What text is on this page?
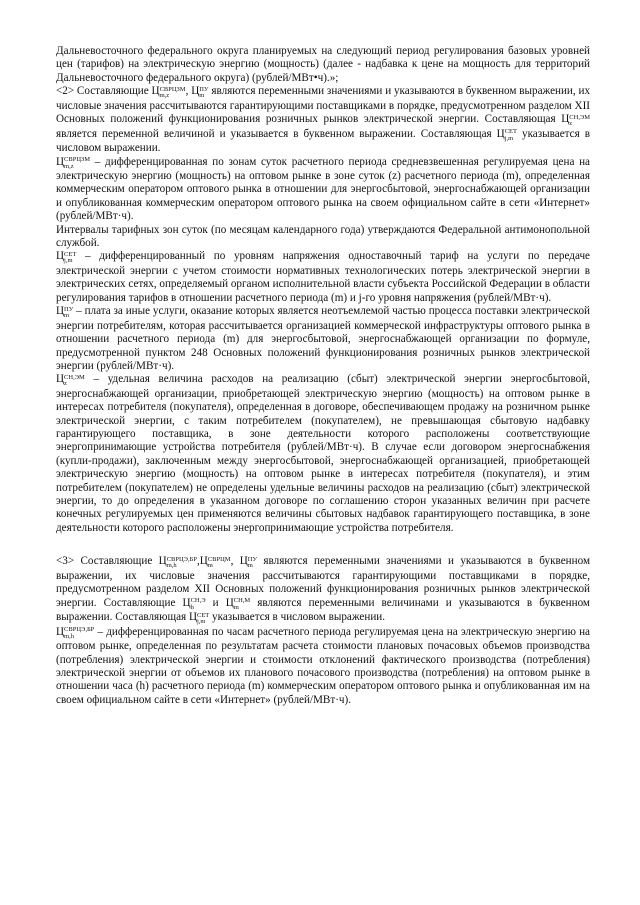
Дальневосточного федерального округа планируемых на следующий период регулирования базовых уровней цен (тарифов) на электрическую энергию (мощность) (далее - надбавка к цене на мощность для территорий Дальневосточного федерального округа) (рублей/МВт•ч).»;

<2> Составляющие Ц СВРЦЗМ
m,z	, Ц ПУ
m являются переменными значениями и указываются в буквенном выражении, их числовые значения рассчитываются гарантирующими поставщиками в порядке, предусмотренном разделом XII Основных положений функционирования розничных рынков электрической энергии. Составляющая Ц СН,ЭМ
z
является переменной величиной и указывается в буквенном выражении. Составляющая Ц СЕТ
j,m указывается в числовом выражении.

Ц СВРЦЗМ
m,z	– дифференцированная по зонам суток расчетного периода средневзвешенная регулируемая цена на электрическую энергию (мощность) на оптовом рынке в зоне суток (z) расчетного периода (m), определенная коммерческим оператором оптового рынка в отношении для энергосбытовой, энергоснабжающей организации и опубликованная коммерческим оператором оптового рынка на своем официальном сайте в сети «Интернет» (рублей/МВт·ч).

Интервалы тарифных зон суток (по месяцам календарного года) утверждаются Федеральной антимонопольной службой.

Ц СЕТ
j,m – дифференцированный по уровням напряжения одноставочный тариф на услуги по передаче электрической энергии с учетом стоимости нормативных технологических потерь электрической энергии в электрических сетях, определяемый органом исполнительной власти субъекта Российской Федерации в области регулирования тарифов в отношении расчетного периода (m) и j-го уровня напряжения (рублей/МВт·ч).

Ц ПУ
m – плата за иные услуги, оказание которых является неотъемлемой частью процесса поставки электрической энергии потребителям, которая рассчитывается организацией коммерческой инфраструктуры оптового рынка в отношении расчетного периода (m) для энергосбытовой, энергоснабжающей организации по формуле, предусмотренной пунктом 248 Основных положений функционирования розничных рынков электрической энергии (рублей/МВт·ч).

Ц СН,ЭМ
z	– удельная величина расходов на реализацию (сбыт) электрической энергии энергосбытовой, энергоснабжающей организации, приобретающей электрическую энергию (мощность) на оптовом рынке в интересах потребителя (покупателя), определенная в договоре, обеспечивающем продажу на розничном рынке электрической энергии, с таким потребителем (покупателем), не превышающая сбытовую надбавку гарантирующего поставщика, в зоне деятельности которого расположены соответствующие энергопринимающие устройства потребителя (рублей/МВт·ч). В случае если договором энергоснабжения (купли-продажи), заключенным между энергосбытовой, энергоснабжающей организацией, приобретающей электрическую энергию (мощность) на оптовом рынке в интересах потребителя (покупателя), и этим потребителем (покупателем) не определены удельные величины расходов на реализацию (сбыт) электрической энергии, то до определения в указанном договоре по соглашению сторон указанных величин при расчете конечных регулируемых цен применяются величины сбытовых надбавок гарантирующего поставщика, в зоне деятельности которого расположены энергопринимающие устройства потребителя.

<3> Составляющие Ц СВРЦЭ,БР
m,h	,Ц СВРЦМ
m	, Ц ПУ
m являются переменными значениями и указываются в буквенном выражении, их числовые значения рассчитываются гарантирующими поставщиками в порядке, предусмотренном разделом XII Основных положений функционирования розничных рынков электрической энергии. Составляющие Ц СН,Э
h	и Ц СН,М
m	являются переменными величинами и указываются в буквенном выражении. Составляющая Ц СЕТ
j,m указывается в числовом выражении.

Ц СВРЦЭ,БР
m,h	– дифференцированная по часам расчетного периода регулируемая цена на электрическую энергию на оптовом рынке, определенная по результатам расчета стоимости плановых почасовых объемов производства (потребления) электрической энергии и стоимости отклонений фактического производства (потребления) электрической энергии от объемов их планового почасового производства (потребления) на оптовом рынке в отношении часа (h) расчетного периода (m) коммерческим оператором оптового рынка и опубликованная им на своем официальном сайте в сети «Интернет» (рублей/МВт·ч).
